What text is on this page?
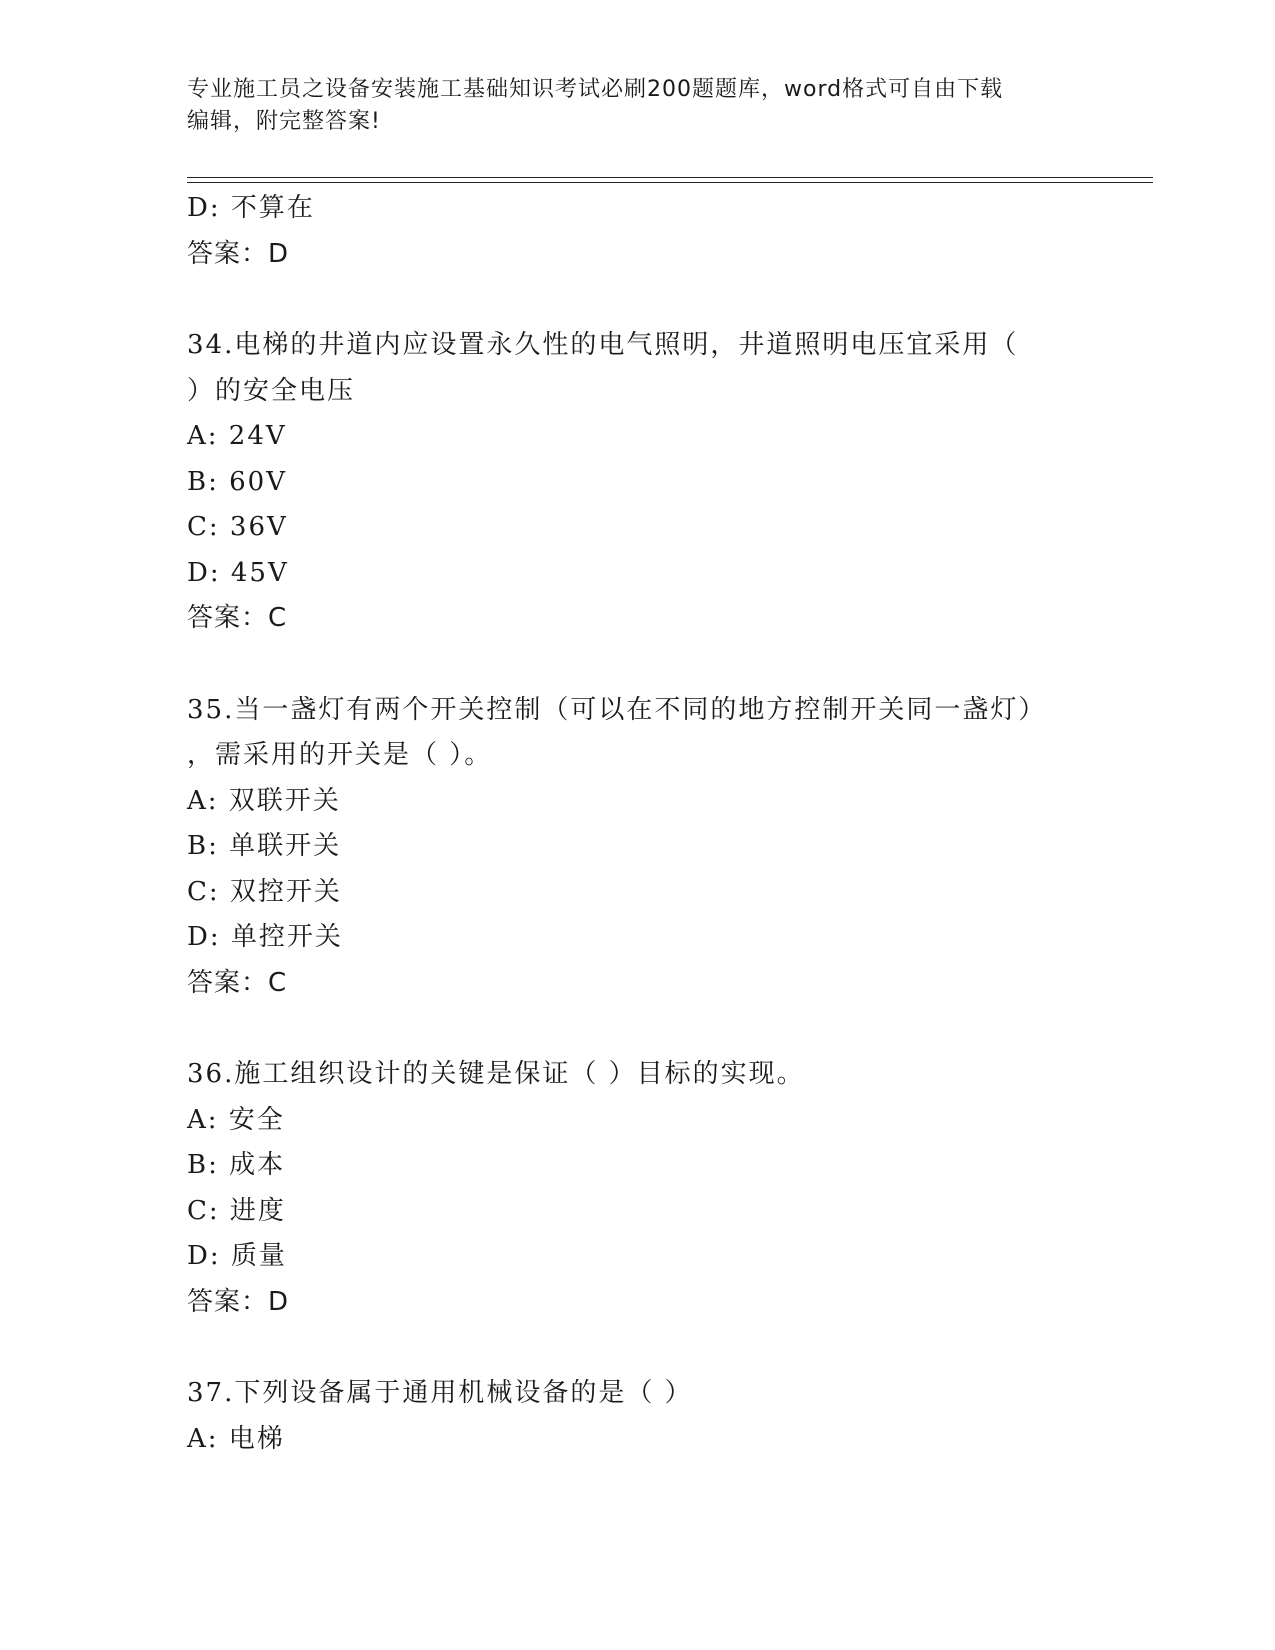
专业施工员之设备安装施工基础知识考试必刷200题题库，word格式可自由下载
编辑，附完整答案!
D: 不算在
答案：D
34.电梯的井道内应设置永久性的电气照明，井道照明电压宜采用（
）的安全电压
A: 24V
B: 60V
C: 36V
D: 45V
答案：C
35.当一盏灯有两个开关控制（可以在不同的地方控制开关同一盏灯）
，需采用的开关是（ ）。
A: 双联开关
B: 单联开关
C: 双控开关
D: 单控开关
答案：C
36.施工组织设计的关键是保证（ ）目标的实现。
A: 安全
B: 成本
C: 进度
D: 质量
答案：D
37.下列设备属于通用机械设备的是（ ）
A: 电梯
